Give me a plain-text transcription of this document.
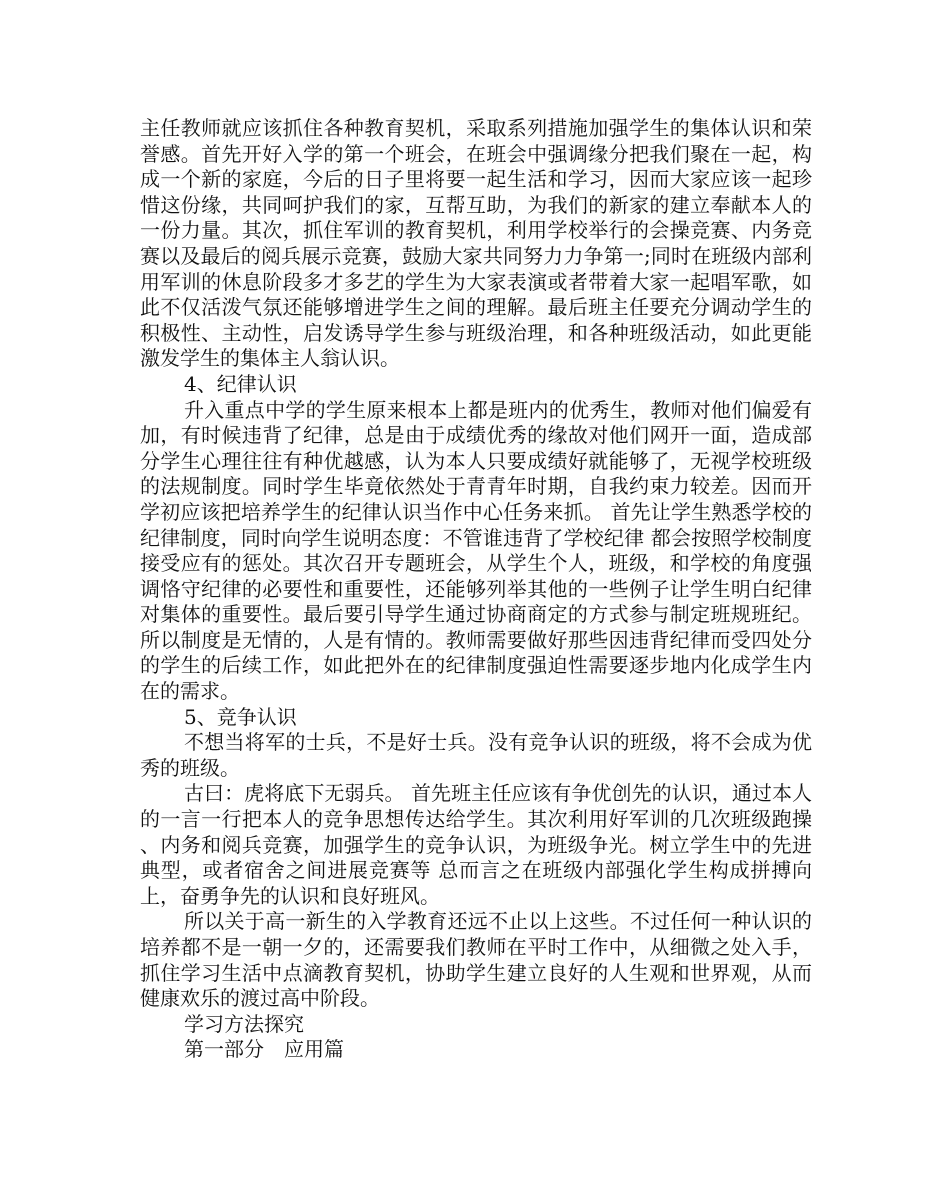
主任教师就应该抓住各种教育契机，采取系列措施加强学生的集体认识和荣誉感。首先开好入学的第一个班会，在班会中强调缘分把我们聚在一起，构成一个新的家庭，今后的日子里将要一起生活和学习，因而大家应该一起珍惜这份缘，共同呵护我们的家，互帮互助，为我们的新家的建立奉献本人的一份力量。其次，抓住军训的教育契机，利用学校举行的会操竞赛、内务竞赛以及最后的阅兵展示竞赛，鼓励大家共同努力力争第一;同时在班级内部利用军训的休息阶段多才多艺的学生为大家表演或者带着大家一起唱军歌，如此不仅活泼气氛还能够增进学生之间的理解。最后班主任要充分调动学生的积极性、主动性，启发诱导学生参与班级治理，和各种班级活动，如此更能激发学生的集体主人翁认识。

4、纪律认识

升入重点中学的学生原来根本上都是班内的优秀生，教师对他们偏爱有加，有时候违背了纪律，总是由于成绩优秀的缘故对他们网开一面，造成部分学生心理往往有种优越感，认为本人只要成绩好就能够了，无视学校班级的法规制度。同时学生毕竟依然处于青青年时期，自我约束力较差。因而开学初应该把培养学生的纪律认识当作中心任务来抓。 首先让学生熟悉学校的纪律制度，同时向学生说明态度：不管谁违背了学校纪律 都会按照学校制度接受应有的惩处。其次召开专题班会，从学生个人，班级，和学校的角度强调恪守纪律的必要性和重要性，还能够列举其他的一些例子让学生明白纪律对集体的重要性。最后要引导学生通过协商商定的方式参与制定班规班纪。所以制度是无情的，人是有情的。教师需要做好那些因违背纪律而受四处分的学生的后续工作，如此把外在的纪律制度强迫性需要逐步地内化成学生内在的需求。

5、竞争认识

不想当将军的士兵，不是好士兵。没有竞争认识的班级，将不会成为优秀的班级。

古曰：虎将底下无弱兵。 首先班主任应该有争优创先的认识，通过本人的一言一行把本人的竞争思想传达给学生。其次利用好军训的几次班级跑操 、内务和阅兵竞赛，加强学生的竞争认识，为班级争光。树立学生中的先进典型，或者宿舍之间进展竞赛等 总而言之在班级内部强化学生构成拼搏向上，奋勇争先的认识和良好班风。

所以关于高一新生的入学教育还远不止以上这些。不过任何一种认识的培养都不是一朝一夕的，还需要我们教师在平时工作中，从细微之处入手，抓住学习生活中点滴教育契机，协助学生建立良好的人生观和世界观，从而健康欢乐的渡过高中阶段。

学习方法探究

第一部分　应用篇
